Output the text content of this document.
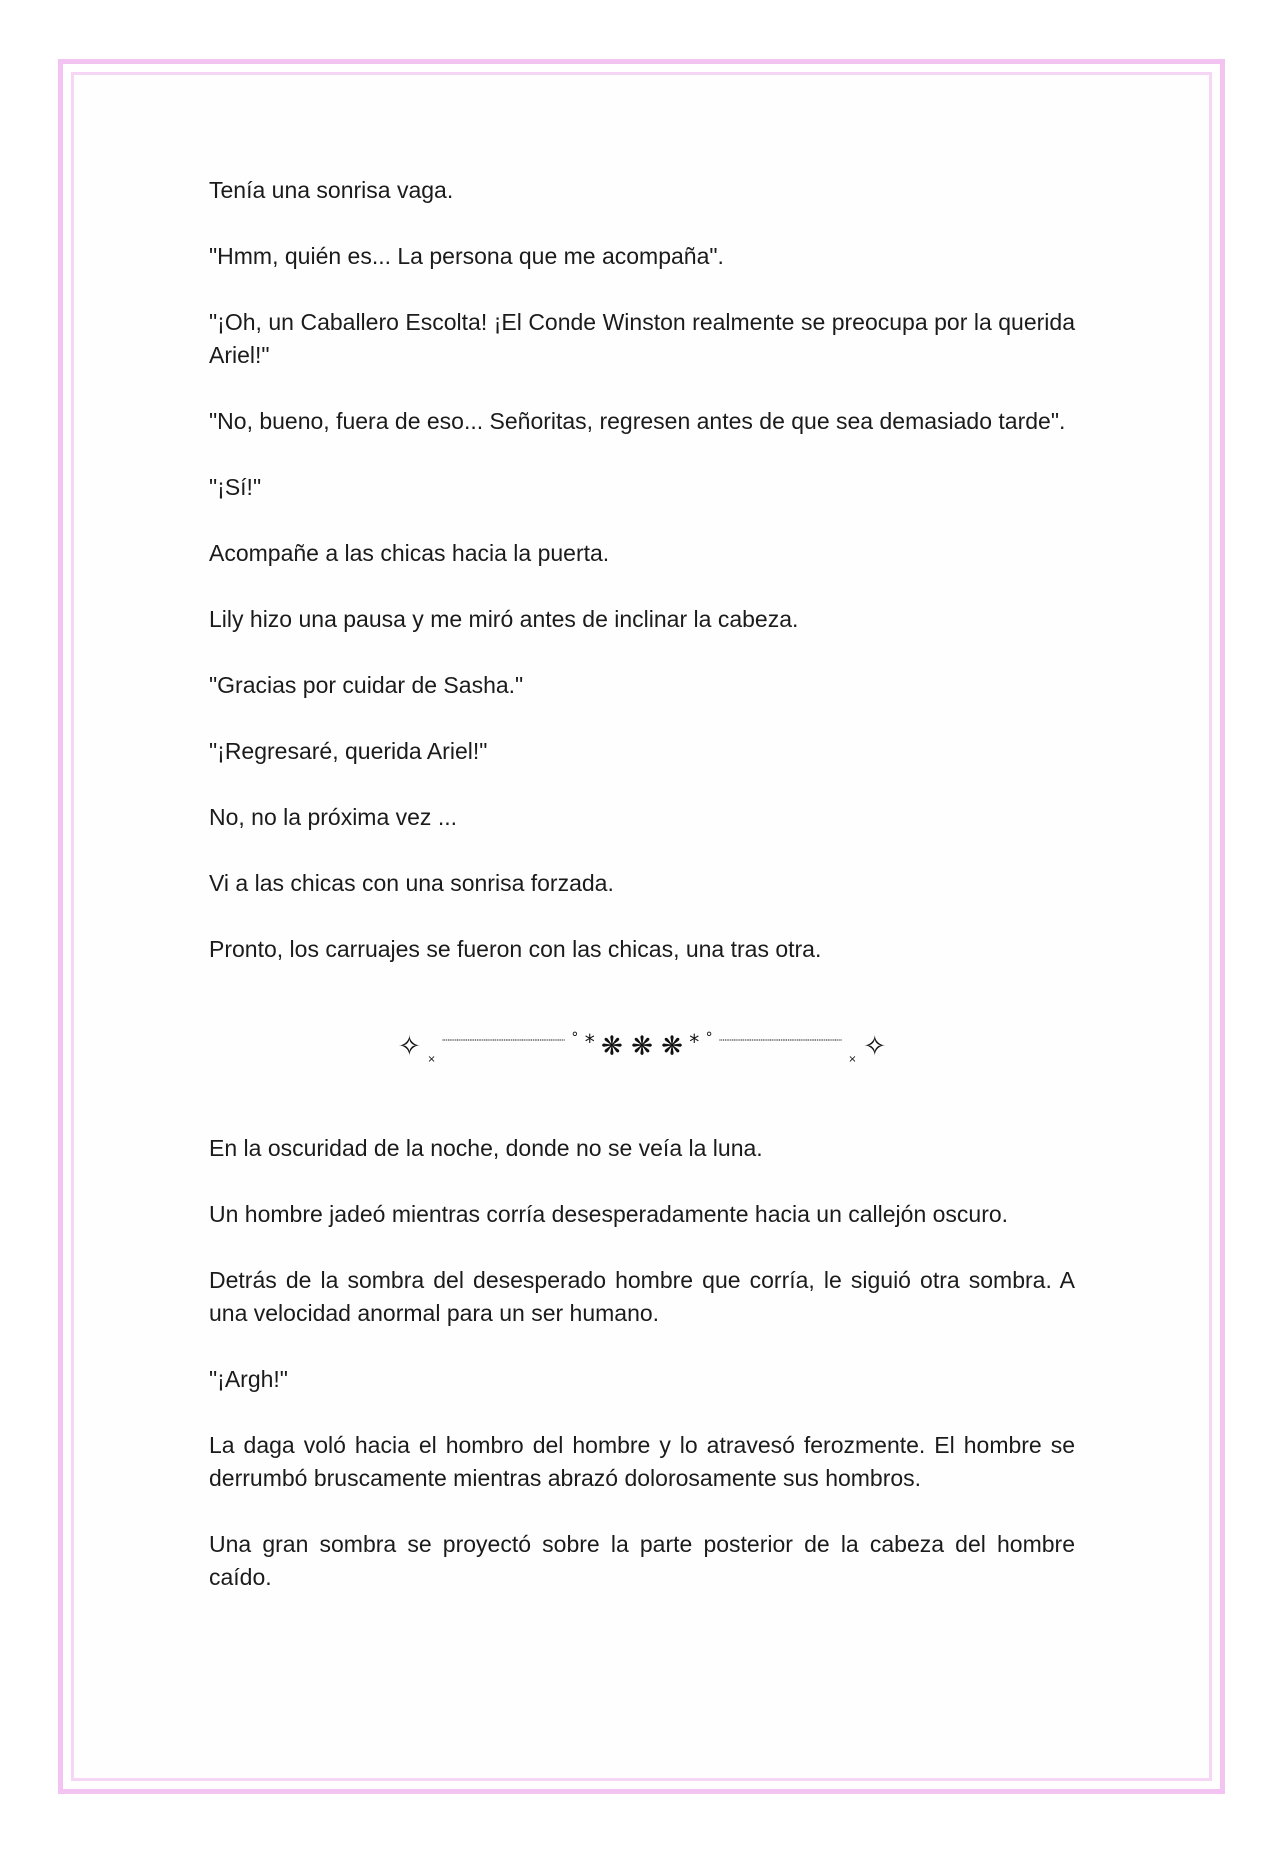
Tenía una sonrisa vaga.

"Hmm, quién es... La persona que me acompaña".

"¡Oh, un Caballero Escolta! ¡El Conde Winston realmente se preocupa por la querida Ariel!"

"No, bueno, fuera de eso... Señoritas, regresen antes de que sea demasiado tarde".

"¡Sí!"

Acompañe a las chicas hacia la puerta.

Lily hizo una pausa y me miró antes de inclinar la cabeza.

"Gracias por cuidar de Sasha."

"¡Regresaré, querida Ariel!"

No, no la próxima vez ...

Vi a las chicas con una sonrisa forzada.

Pronto, los carruajes se fueron con las chicas, una tras otra.

✧ $_\times$ ┈┈┈┈┈┈┈┈┈┈┈┈┈┈┈┈┈ ° * ❋ ❋ ❋ * ° ┈┈┈┈┈┈┈┈┈┈┈┈┈┈┈┈┈ $_\times$ ✧

En la oscuridad de la noche, donde no se veía la luna.

Un hombre jadeó mientras corría desesperadamente hacia un callejón oscuro.

Detrás de la sombra del desesperado hombre que corría, le siguió otra sombra. A una velocidad anormal para un ser humano.

"¡Argh!"

La daga voló hacia el hombro del hombre y lo atravesó ferozmente. El hombre se derrumbó bruscamente mientras abrazó dolorosamente sus hombros.

Una gran sombra se proyectó sobre la parte posterior de la cabeza del hombre caído.
